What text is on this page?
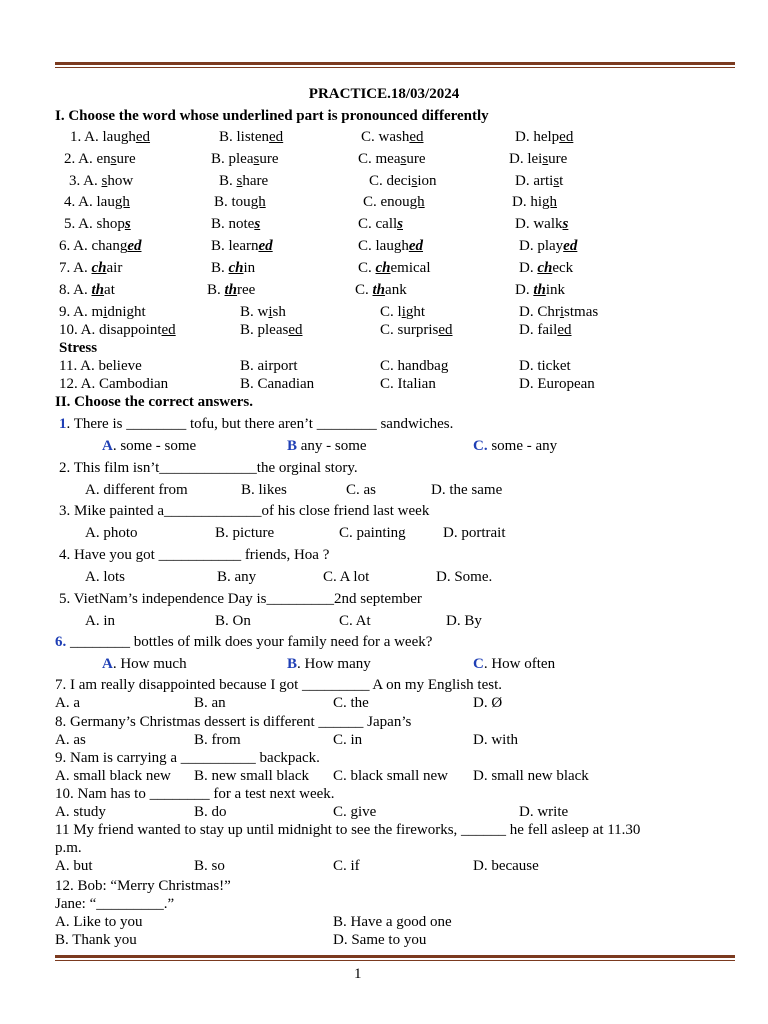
PRACTICE.18/03/2024
I. Choose the word whose underlined part is pronounced differently
1. A. laughed	B. listened	C. washed	D. helped
2. A. ensure	B. pleasure	C. measure	D. leisure
3. A. show	B. share	C. decision	D. artist
4. A. laugh	B. tough	C. enough	D. high
5. A. shops	B. notes	C. calls	D. walks
6. A. changed	B. learned	C. laughed	D. played
7. A. chair	B. chin	C. chemical	D. check
8. A. that	B. three	C. thank	D. think
9. A. midnight	B. wish	C. light	D. Christmas
10. A. disappointed	B. pleased	C. surprised	D. failed
Stress
11. A. believe	B. airport	C. handbag	D. ticket
12. A. Cambodian	B. Canadian	C. Italian	D. European
II. Choose the correct answers.
1. There is ________ tofu, but there aren’t ________ sandwiches.
A. some - some	B any - some	C. some - any
2. This film isn’t_____________the orginal story.
A. different from	B. likes	C. as	D. the same
3. Mike painted a_____________of his close friend last week
A. photo	B. picture	C. painting D. portrait
4. Have you got ___________ friends, Hoa ?
A. lots	B. any	C. A lot	D. Some.
5. VietNam’s independence Day is_________2nd september
A. in	B. On	C. At	D. By
6. ________ bottles of milk does your family need for a week?
A. How much	B. How many	C. How often
7. I am really disappointed because I got _________ A on my English test.
A. a	B. an	C. the	D. Ø
8. Germany’s Christmas dessert is different ______ Japan’s
A. as	B. from	C. in	D. with
9. Nam is carrying a __________ backpack.
A. small black new B. new small black C. black small new D. small new black
10. Nam has to ________ for a test next week.
A. study	B. do	C. give	D. write
11 My friend wanted to stay up until midnight to see the fireworks, ______ he fell asleep at 11.30
p.m.
A. but	B. so	C. if	D. because
12. Bob: “Merry Christmas!”
Jane: “_________.”
A. Like to you	B. Have a good one
B. Thank you	D. Same to you
1
